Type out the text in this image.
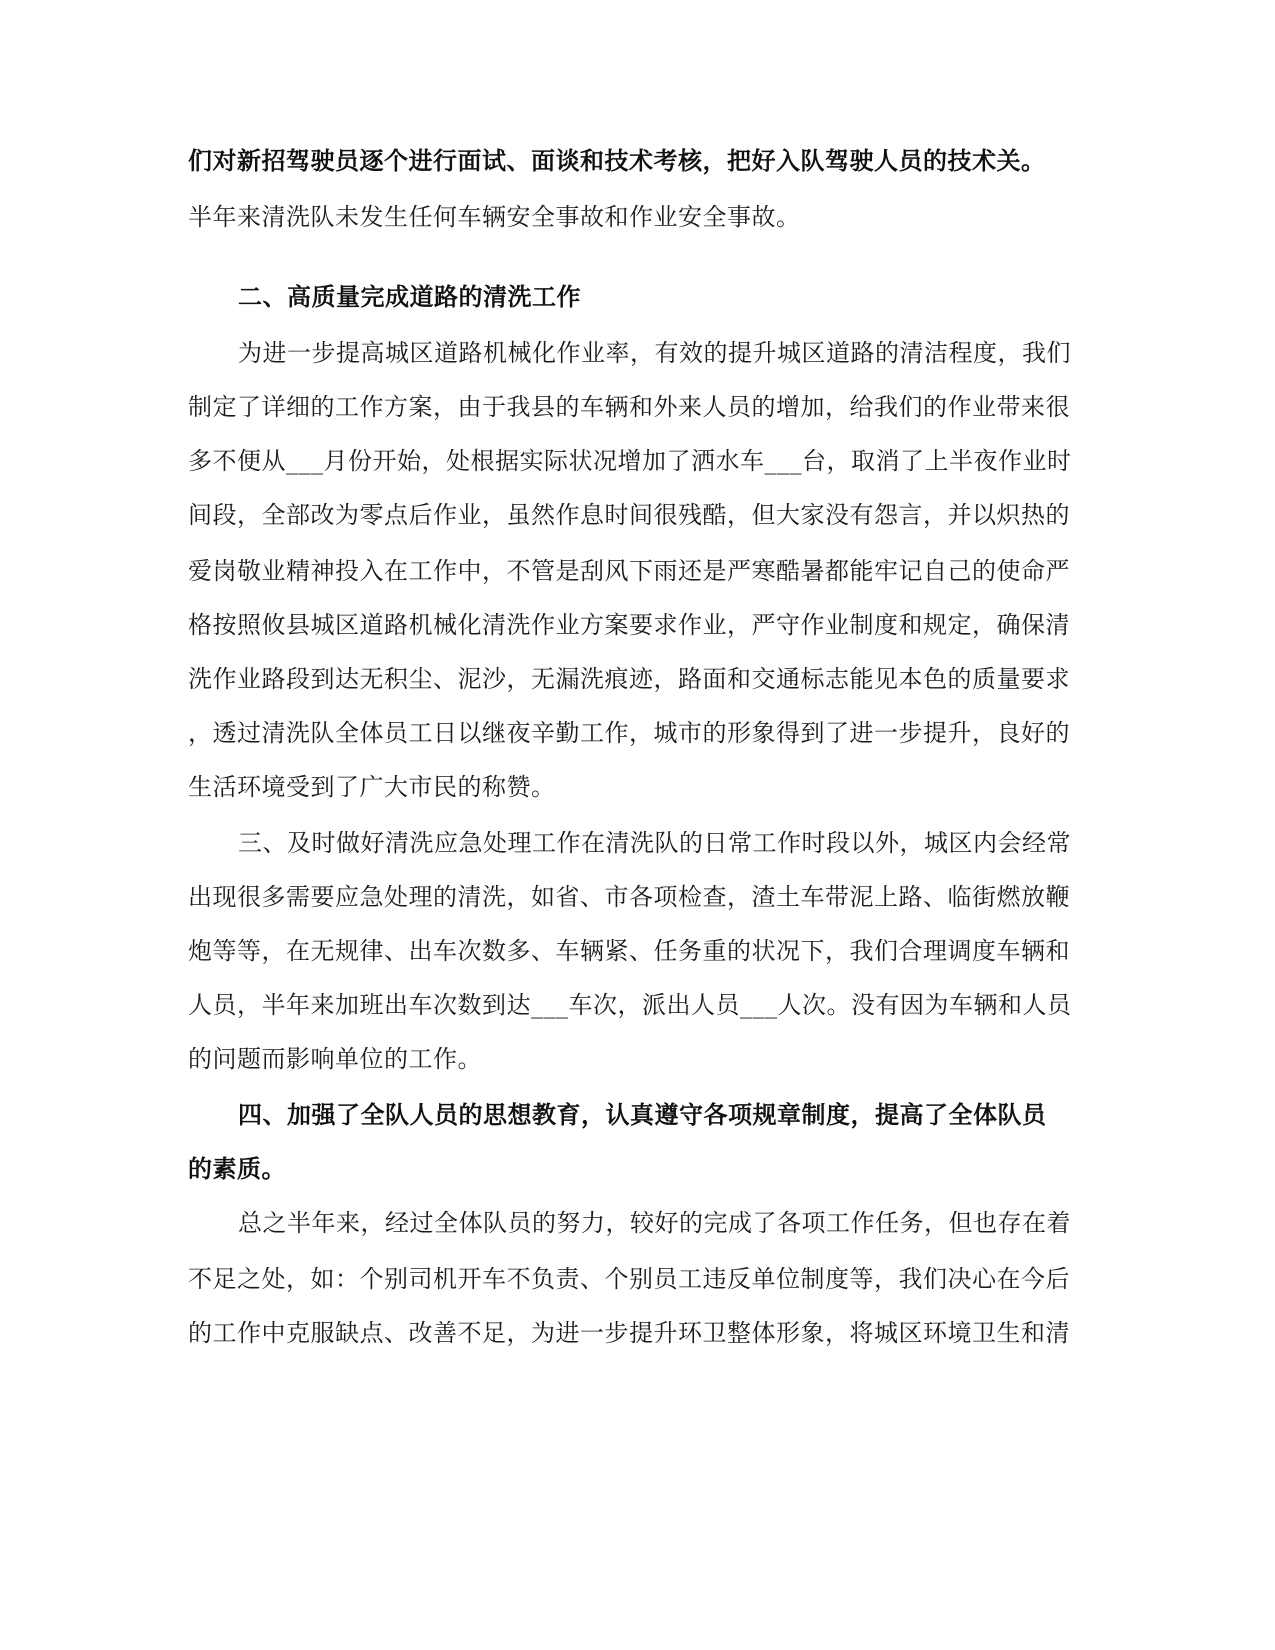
们对新招驾驶员逐个进行面试、面谈和技术考核，把好入队驾驶人员的技术关。
半年来清洗队未发生任何车辆安全事故和作业安全事故。
二、高质量完成道路的清洗工作
为进一步提高城区道路机械化作业率，有效的提升城区道路的清洁程度，我们
制定了详细的工作方案，由于我县的车辆和外来人员的增加，给我们的作业带来很
多不便从___月份开始，处根据实际状况增加了洒水车___台，取消了上半夜作业时
间段，全部改为零点后作业，虽然作息时间很残酷，但大家没有怨言，并以炽热的
爱岗敬业精神投入在工作中，不管是刮风下雨还是严寒酷暑都能牢记自己的使命严
格按照攸县城区道路机械化清洗作业方案要求作业，严守作业制度和规定，确保清
洗作业路段到达无积尘、泥沙，无漏洗痕迹，路面和交通标志能见本色的质量要求
，透过清洗队全体员工日以继夜辛勤工作，城市的形象得到了进一步提升，良好的
生活环境受到了广大市民的称赞。
三、及时做好清洗应急处理工作在清洗队的日常工作时段以外，城区内会经常
出现很多需要应急处理的清洗，如省、市各项检查，渣土车带泥上路、临街燃放鞭
炮等等，在无规律、出车次数多、车辆紧、任务重的状况下，我们合理调度车辆和
人员，半年来加班出车次数到达___车次，派出人员___人次。没有因为车辆和人员
的问题而影响单位的工作。
四、加强了全队人员的思想教育，认真遵守各项规章制度，提高了全体队员
的素质。
总之半年来，经过全体队员的努力，较好的完成了各项工作任务，但也存在着
不足之处，如：个别司机开车不负责、个别员工违反单位制度等，我们决心在今后
的工作中克服缺点、改善不足，为进一步提升环卫整体形象，将城区环境卫生和清
